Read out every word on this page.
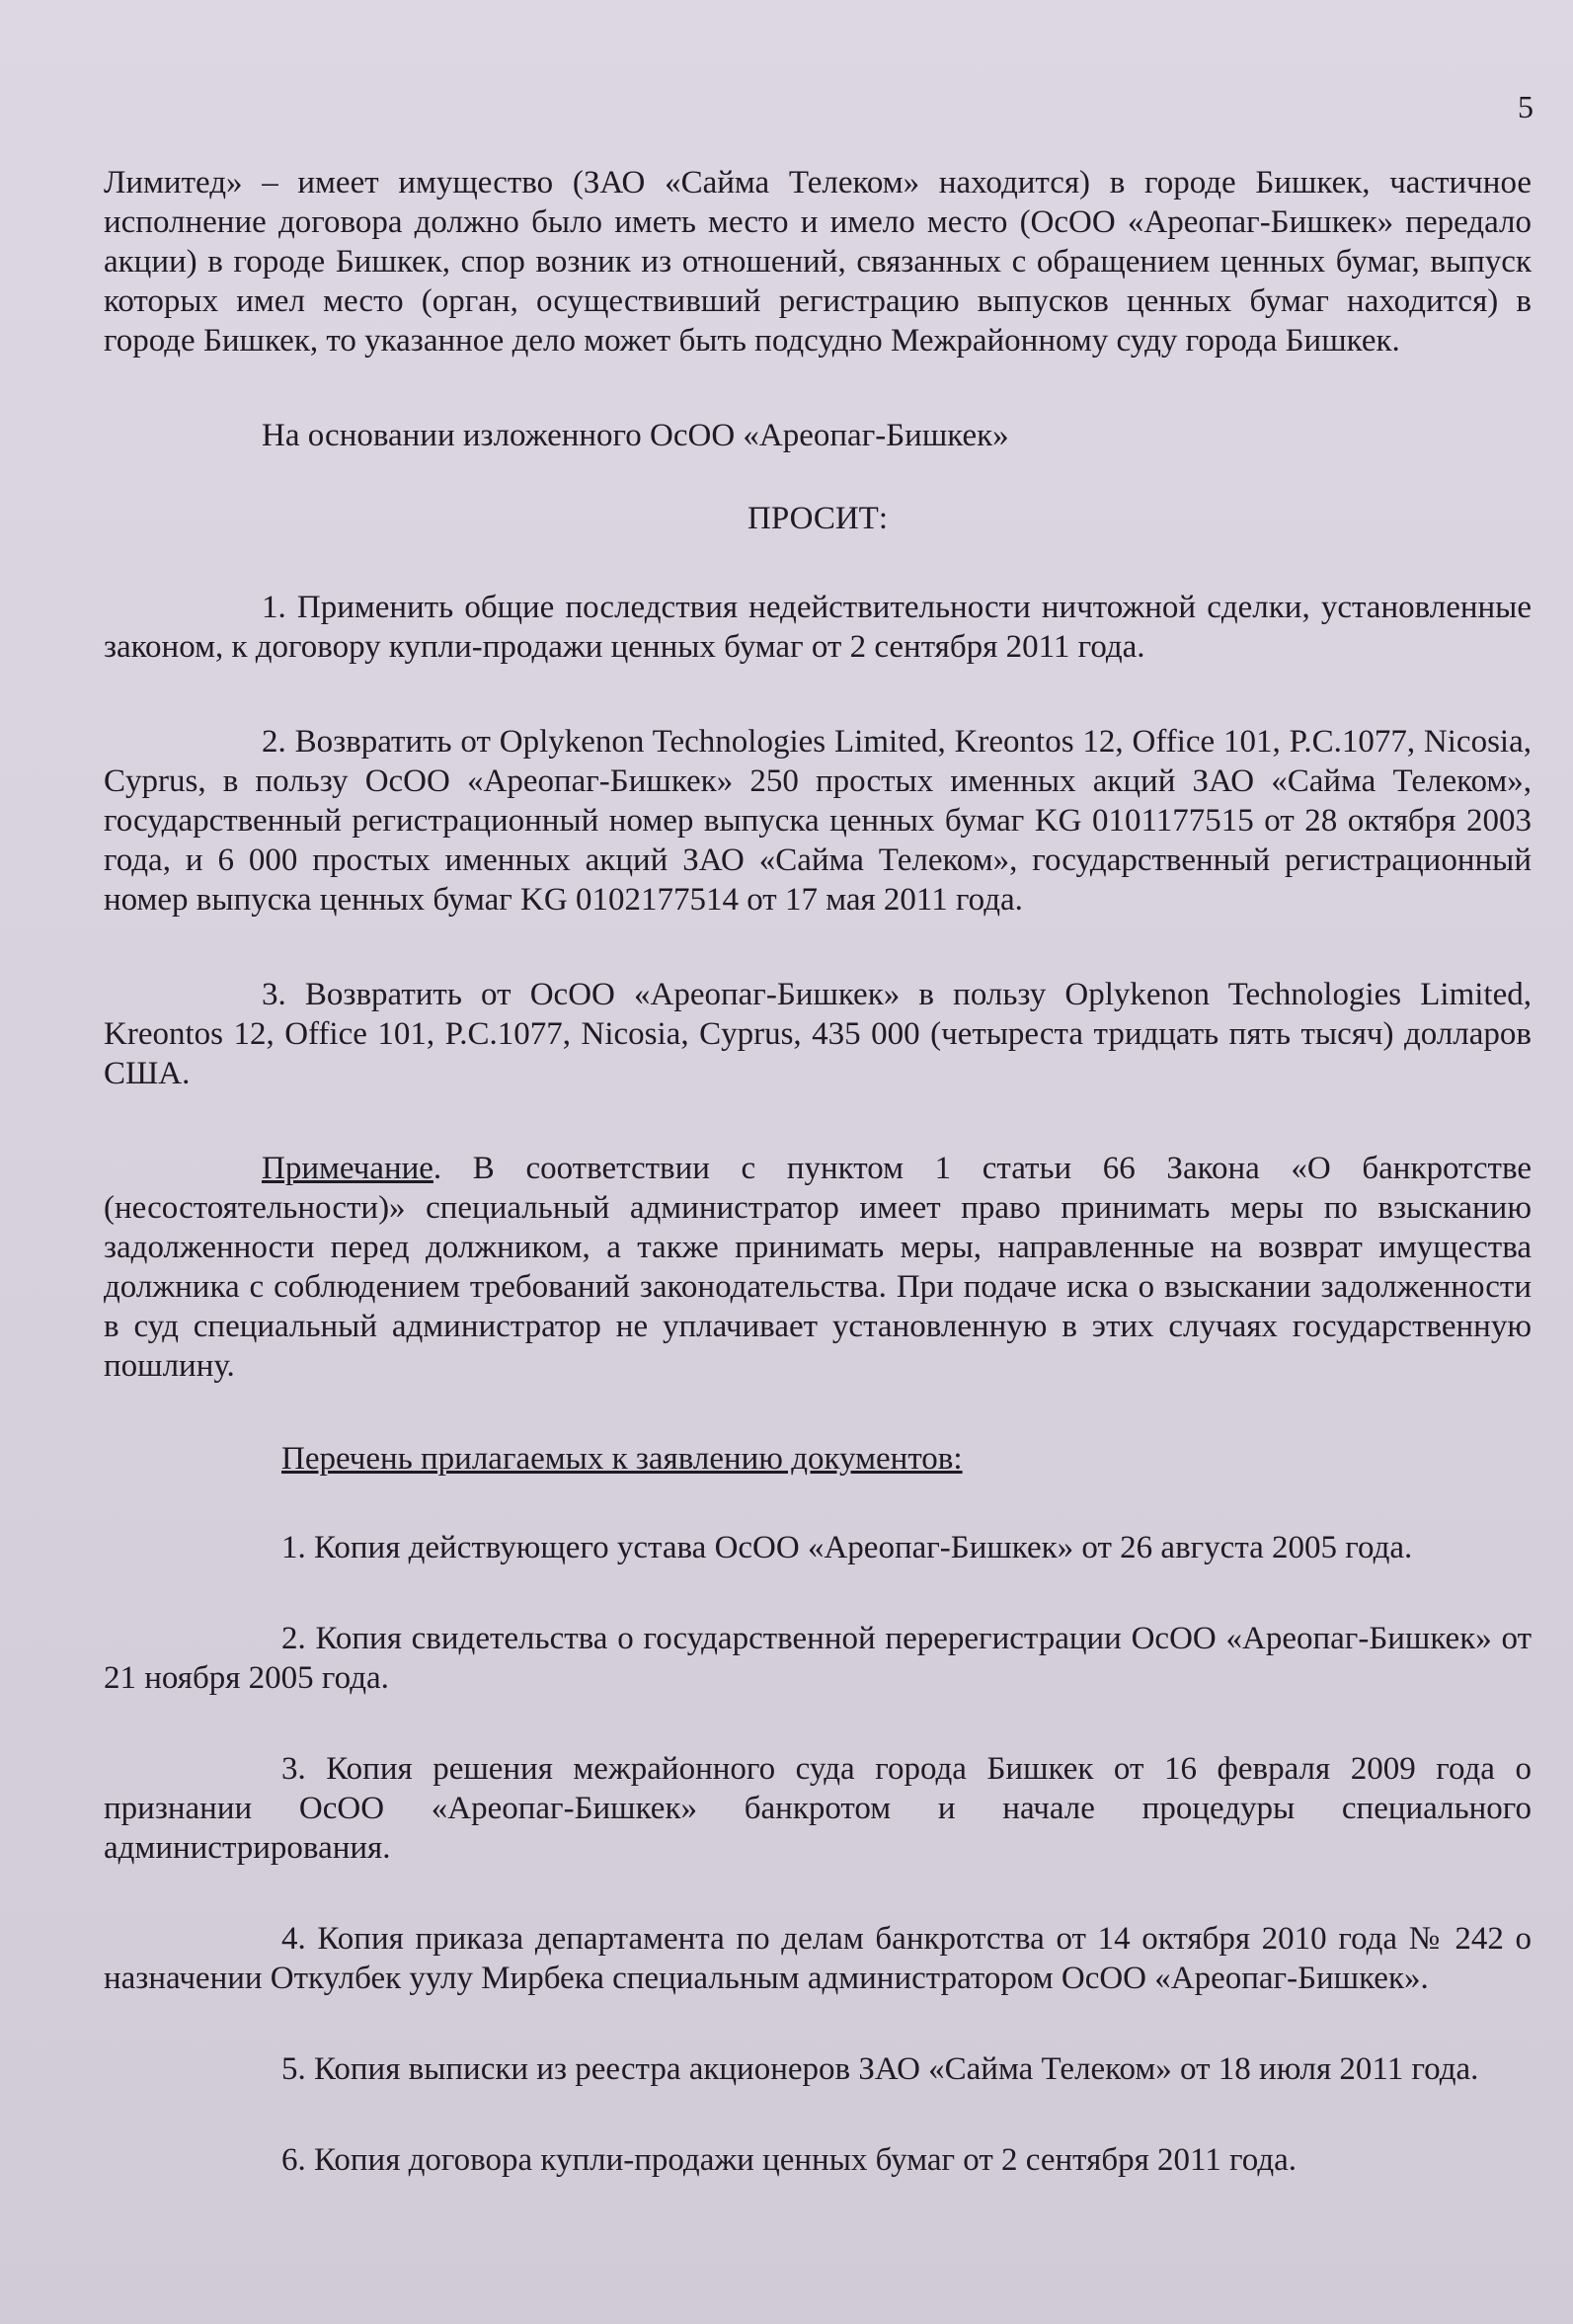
5

Лимитед» – имеет имущество (ЗАО «Сайма Телеком» находится) в городе Бишкек, частичное исполнение договора должно было иметь место и имело место (ОсОО «Ареопаг-Бишкек» передало акции) в городе Бишкек, спор возник из отношений, связанных с обращением ценных бумаг, выпуск которых имел место (орган, осуществивший регистрацию выпусков ценных бумаг находится) в городе Бишкек, то указанное дело может быть подсудно Межрайонному суду города Бишкек.

На основании изложенного ОсОО «Ареопаг-Бишкек»

ПРОСИТ:

1. Применить общие последствия недействительности ничтожной сделки, установленные законом, к договору купли-продажи ценных бумаг от 2 сентября 2011 года.

2. Возвратить от Oplykenon Technologies Limited, Kreontos 12, Office 101, P.C.1077, Nicosia, Cyprus, в пользу ОсОО «Ареопаг-Бишкек» 250 простых именных акций ЗАО «Сайма Телеком», государственный регистрационный номер выпуска ценных бумаг KG 0101177515 от 28 октября 2003 года, и 6 000 простых именных акций ЗАО «Сайма Телеком», государственный регистрационный номер выпуска ценных бумаг KG 0102177514 от 17 мая 2011 года.

3. Возвратить от ОсОО «Ареопаг-Бишкек» в пользу Oplykenon Technologies Limited, Kreontos 12, Office 101, P.C.1077, Nicosia, Cyprus, 435 000 (четыреста тридцать пять тысяч) долларов США.

Примечание. В соответствии с пунктом 1 статьи 66 Закона «О банкротстве (несостоятельности)» специальный администратор имеет право принимать меры по взысканию задолженности перед должником, а также принимать меры, направленные на возврат имущества должника с соблюдением требований законодательства. При подаче иска о взыскании задолженности в суд специальный администратор не уплачивает установленную в этих случаях государственную пошлину.

Перечень прилагаемых к заявлению документов:

1. Копия действующего устава ОсОО «Ареопаг-Бишкек» от 26 августа 2005 года.

2. Копия свидетельства о государственной перерегистрации ОсОО «Ареопаг-Бишкек» от 21 ноября 2005 года.

3. Копия решения межрайонного суда города Бишкек от 16 февраля 2009 года о признании ОсОО «Ареопаг-Бишкек» банкротом и начале процедуры специального администрирования.

4. Копия приказа департамента по делам банкротства от 14 октября 2010 года № 242 о назначении Откулбек уулу Мирбека специальным администратором ОсОО «Ареопаг-Бишкек».

5. Копия выписки из реестра акционеров ЗАО «Сайма Телеком» от 18 июля 2011 года.

6. Копия договора купли-продажи ценных бумаг от 2 сентября 2011 года.
